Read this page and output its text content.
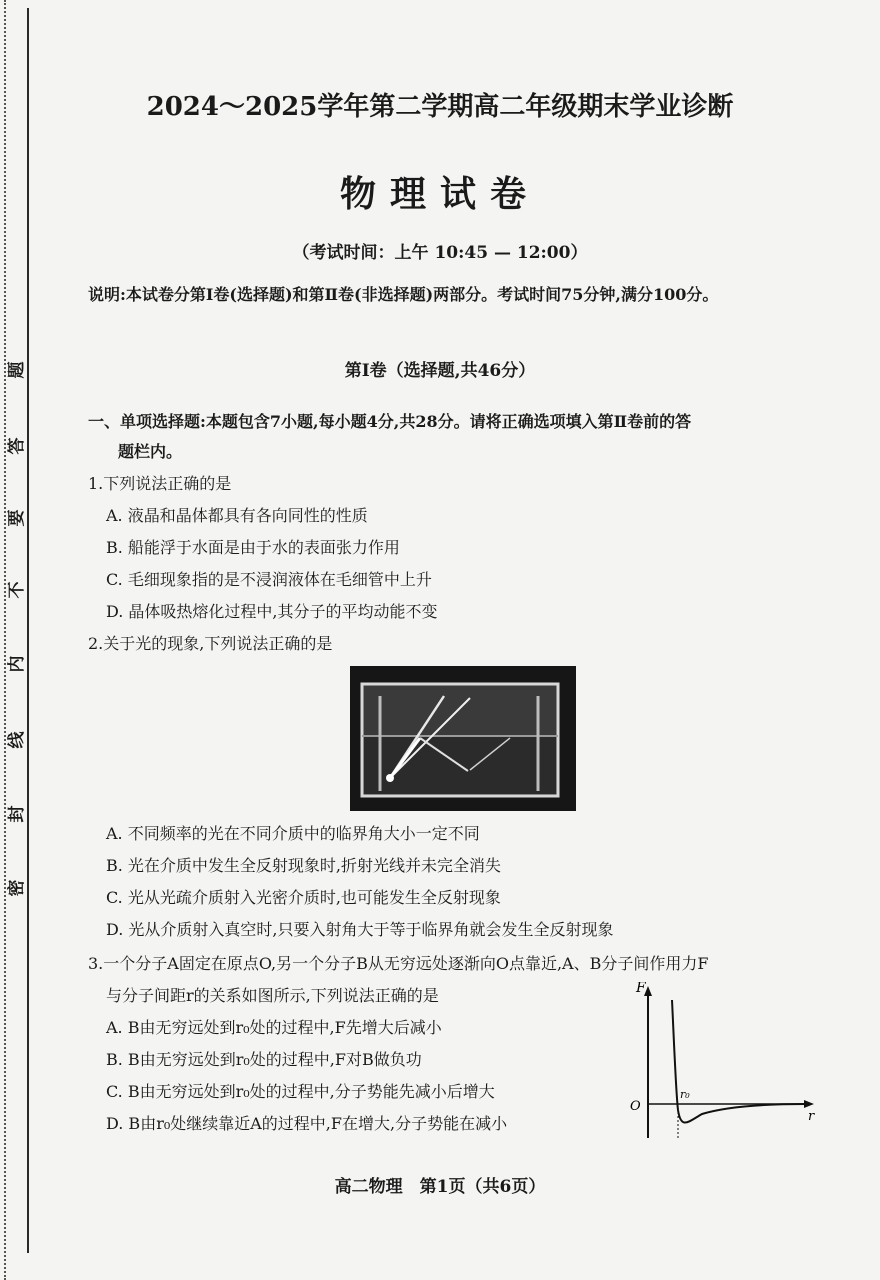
题
答
要
不
内
线
封
密
2024～2025学年第二学期高二年级期末学业诊断
物理试卷
（考试时间：上午 10:45 — 12:00）
说明:本试卷分第Ⅰ卷(选择题)和第Ⅱ卷(非选择题)两部分。考试时间75分钟,满分100分。
第Ⅰ卷（选择题,共46分）
一、单项选择题:本题包含7小题,每小题4分,共28分。请将正确选项填入第Ⅱ卷前的答
题栏内。
1.下列说法正确的是
A. 液晶和晶体都具有各向同性的性质
B. 船能浮于水面是由于水的表面张力作用
C. 毛细现象指的是不浸润液体在毛细管中上升
D. 晶体吸热熔化过程中,其分子的平均动能不变
2.关于光的现象,下列说法正确的是
A. 不同频率的光在不同介质中的临界角大小一定不同
B. 光在介质中发生全反射现象时,折射光线并未完全消失
C. 光从光疏介质射入光密介质时,也可能发生全反射现象
D. 光从介质射入真空时,只要入射角大于等于临界角就会发生全反射现象
3.一个分子A固定在原点O,另一个分子B从无穷远处逐渐向O点靠近,A、B分子间作用力F
与分子间距r的关系如图所示,下列说法正确的是
A. B由无穷远处到r₀处的过程中,F先增大后减小
B. B由无穷远处到r₀处的过程中,F对B做负功
C. B由无穷远处到r₀处的过程中,分子势能先减小后增大
D. B由r₀处继续靠近A的过程中,F在增大,分子势能在减小
F
O
r
r₀
高二物理　第1页（共6页）
